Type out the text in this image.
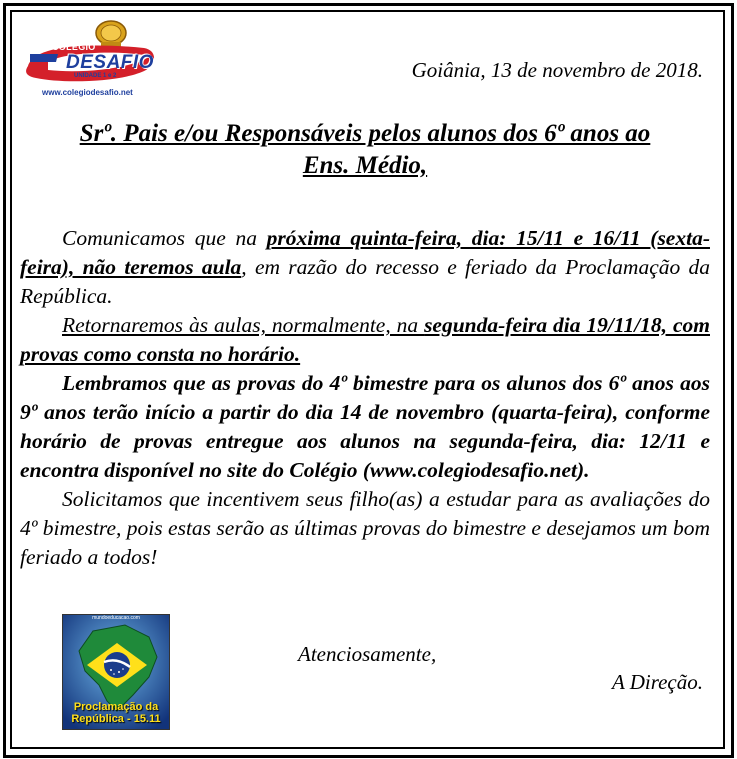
COLÉGIO
DESAFIO
UNIDADE 1 e 2
www.colegiodesafio.net
Goiânia, 13 de novembro de 2018.
Srº. Pais e/ou Responsáveis pelos alunos dos 6º anos ao
Ens. Médio,

Comunicamos que na próxima quinta-feira, dia: 15/11 e 16/11 (sexta-feira), não teremos aula, em razão do recesso e feriado da Proclamação da República.

Retornaremos às aulas, normalmente, na segunda-feira dia 19/11/18, com provas como consta no horário.

Lembramos que as provas do 4º bimestre para os alunos dos 6º anos aos 9º anos terão início a partir do dia 14 de novembro (quarta-feira), conforme horário de provas entregue aos alunos na segunda-feira, dia: 12/11 e encontra disponível no site do Colégio (www.colegiodesafio.net).

Solicitamos que incentivem seus filho(as) a estudar para as avaliações do 4º bimestre, pois estas serão as últimas provas do bimestre e desejamos um bom feriado a todos!

mundoeducacao.com
Proclamação da
República - 15.11
Atenciosamente,
A Direção.
